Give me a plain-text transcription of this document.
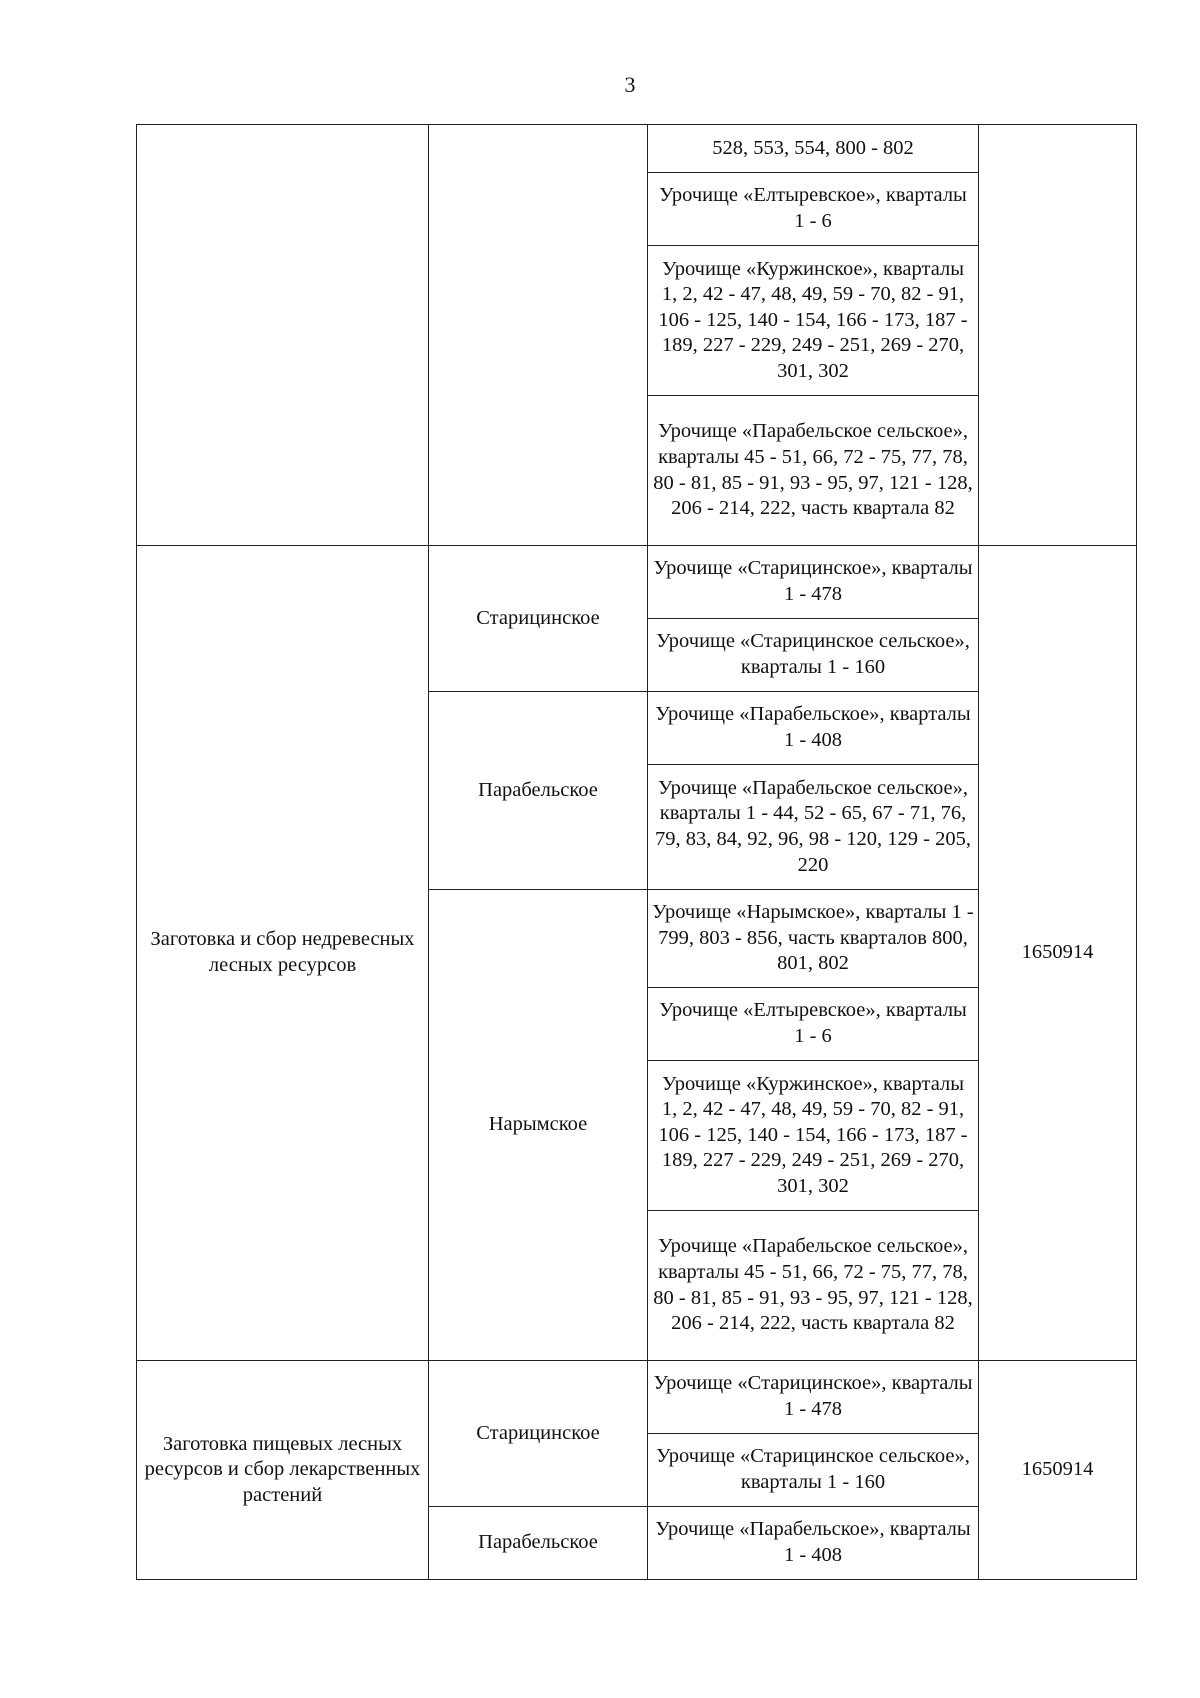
3
		528, 553, 554, 800 - 802	
		Урочище «Елтыревское», кварталы 1 - 6	
		Урочище «Куржинское», кварталы 1, 2, 42 - 47, 48, 49, 59 - 70, 82 - 91, 106 - 125, 140 - 154, 166 - 173, 187 - 189, 227 - 229, 249 - 251, 269 - 270, 301, 302	
		Урочище «Парабельское сельское», кварталы 45 - 51, 66, 72 - 75, 77, 78, 80 - 81, 85 - 91, 93 - 95, 97, 121 - 128, 206 - 214, 222, часть квартала 82	
Заготовка и сбор недревесных лесных ресурсов	Старицинское	Урочище «Старицинское», кварталы 1 - 478	1650914
		Урочище «Старицинское сельское», кварталы 1 - 160	
	Парабельское	Урочище «Парабельское», кварталы 1 - 408	
		Урочище «Парабельское сельское», кварталы 1 - 44, 52 - 65, 67 - 71, 76, 79, 83, 84, 92, 96, 98 - 120, 129 - 205, 220	
	Нарымское	Урочище «Нарымское», кварталы 1 - 799, 803 - 856, часть кварталов 800, 801, 802	
		Урочище «Елтыревское», кварталы 1 - 6	
		Урочище «Куржинское», кварталы 1, 2, 42 - 47, 48, 49, 59 - 70, 82 - 91, 106 - 125, 140 - 154, 166 - 173, 187 - 189, 227 - 229, 249 - 251, 269 - 270, 301, 302	
		Урочище «Парабельское сельское», кварталы 45 - 51, 66, 72 - 75, 77, 78, 80 - 81, 85 - 91, 93 - 95, 97, 121 - 128, 206 - 214, 222, часть квартала 82	
Заготовка пищевых лесных ресурсов и сбор лекарственных растений	Старицинское	Урочище «Старицинское», кварталы 1 - 478	1650914
		Урочище «Старицинское сельское», кварталы 1 - 160	
	Парабельское	Урочище «Парабельское», кварталы 1 - 408	
